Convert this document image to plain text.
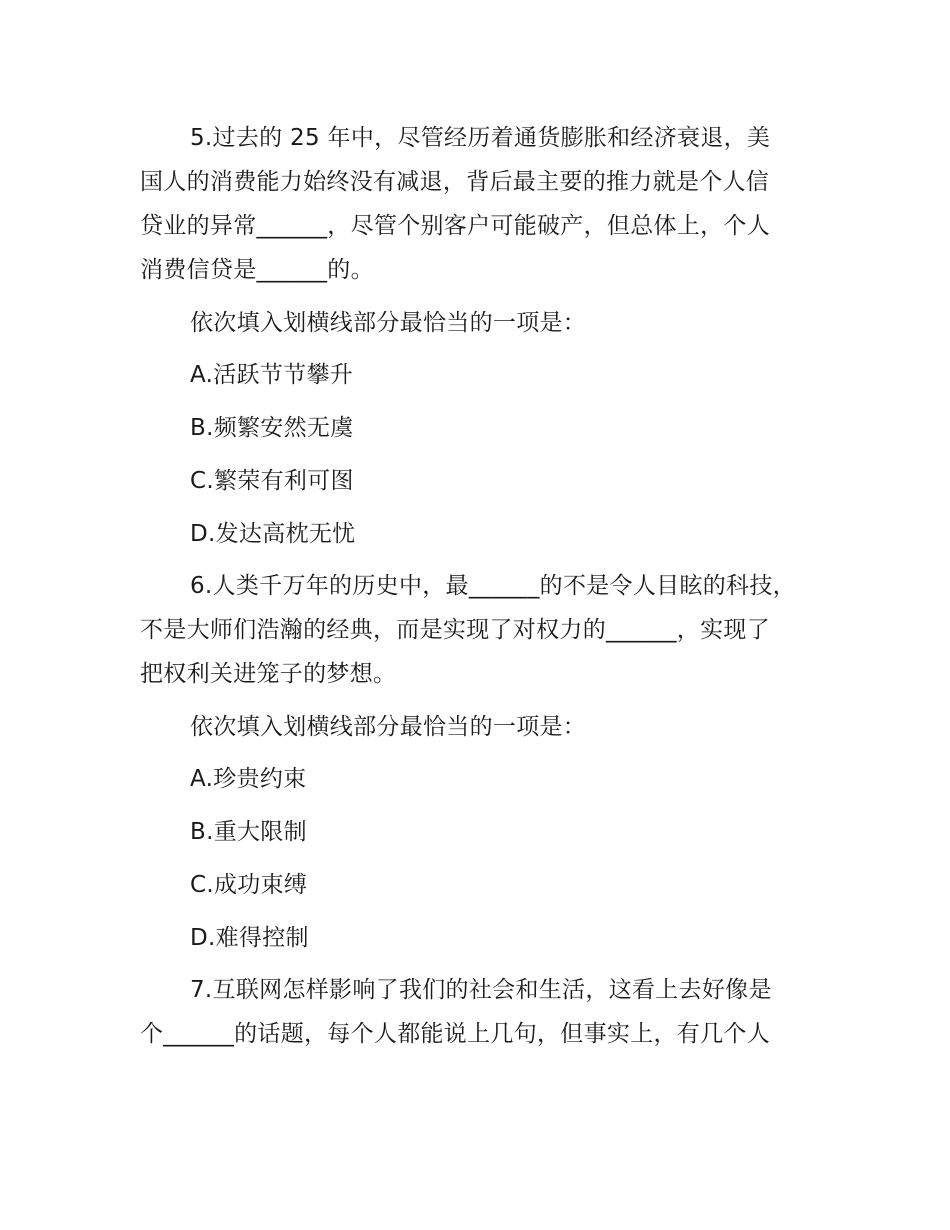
5.过去的 25 年中，尽管经历着通货膨胀和经济衰退，美
国人的消费能力始终没有减退，背后最主要的推力就是个人信
贷业的异常______，尽管个别客户可能破产，但总体上，个人
消费信贷是______的。
依次填入划横线部分最恰当的一项是：
A.活跃节节攀升
B.频繁安然无虞
C.繁荣有利可图
D.发达高枕无忧
6.人类千万年的历史中，最______的不是令人目眩的科技，
不是大师们浩瀚的经典，而是实现了对权力的______，实现了
把权利关进笼子的梦想。
依次填入划横线部分最恰当的一项是：
A.珍贵约束
B.重大限制
C.成功束缚
D.难得控制
7.互联网怎样影响了我们的社会和生活，这看上去好像是
个______的话题，每个人都能说上几句，但事实上，有几个人
